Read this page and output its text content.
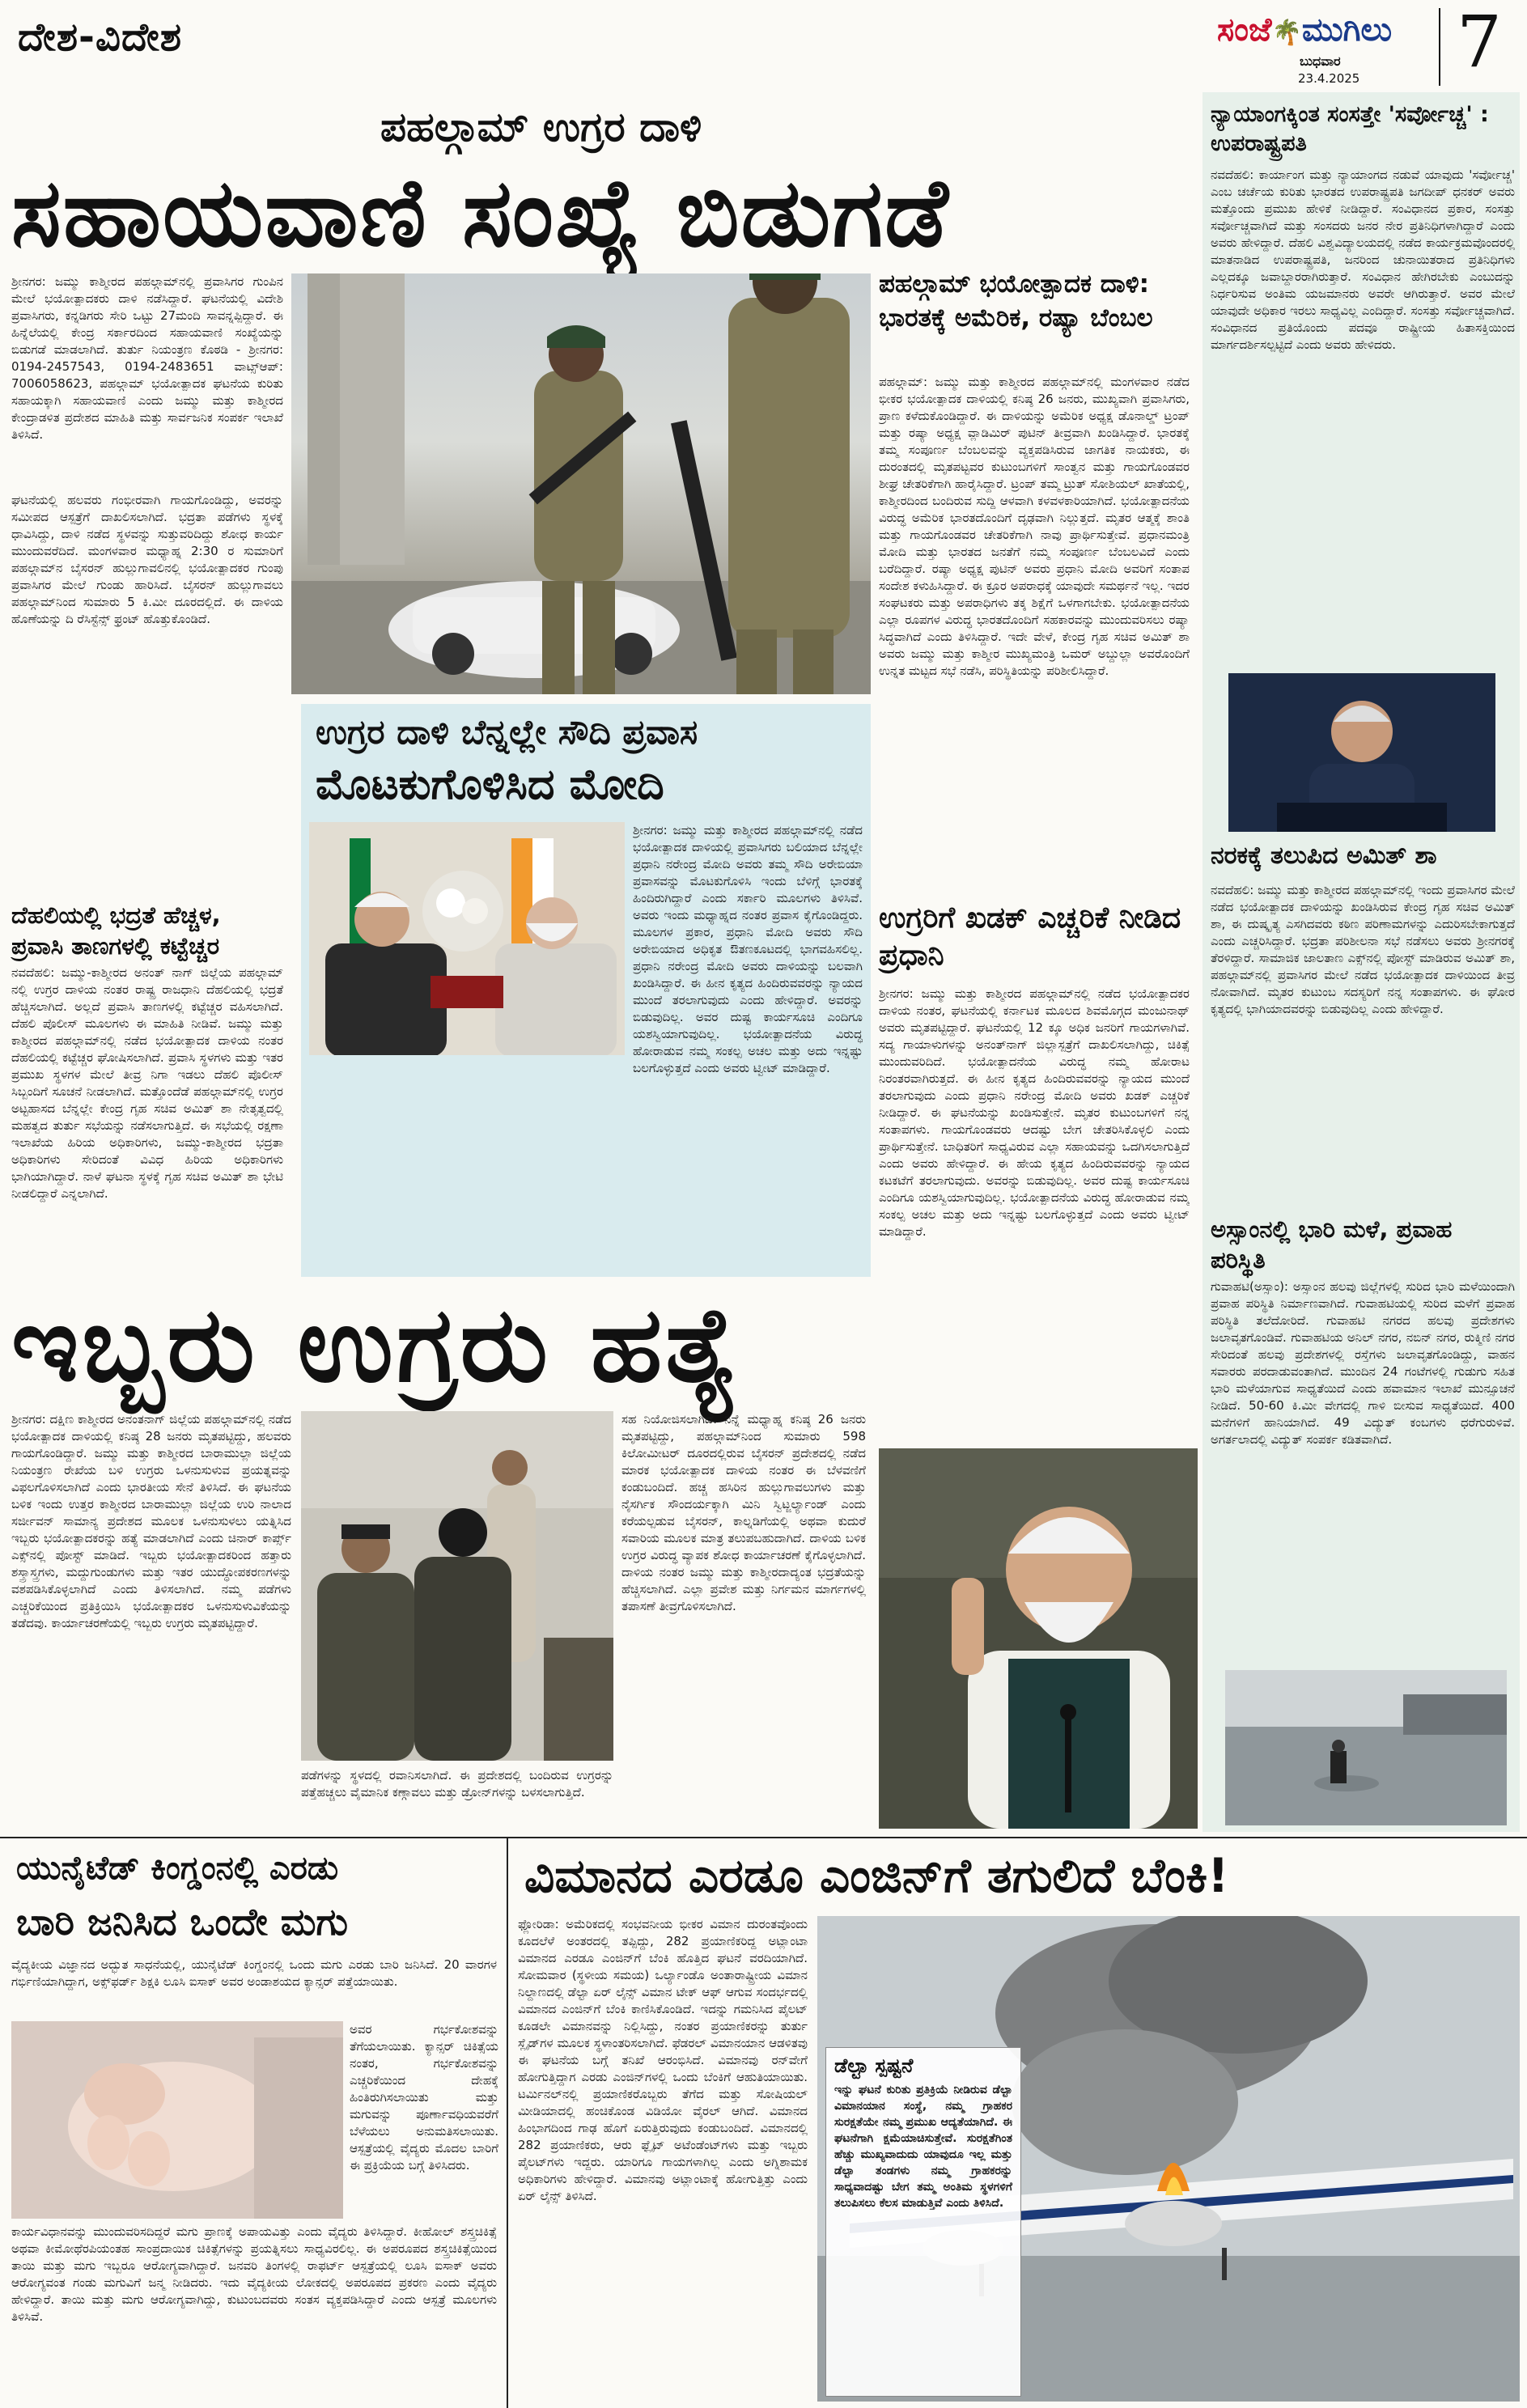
ದೇಶ-ವಿದೇಶ	ಸಂಜೆ🌴ಮುಗಿಲು
ಬುಧವಾರ
23.4.2025 7
ಪಹಲ್ಗಾಮ್ ಉಗ್ರರ ದಾಳಿ
ಸಹಾಯವಾಣಿ ಸಂಖ್ಯೆ ಬಿಡುಗಡೆ
ಶ್ರೀನಗರ: ಜಮ್ಮು ಕಾಶ್ಮೀರದ ಪಹಲ್ಗಾಮ್‌ನಲ್ಲಿ ಪ್ರವಾಸಿಗರ ಗುಂಪಿನ ಮೇಲೆ ಭಯೋತ್ಪಾದಕರು ದಾಳಿ ನಡೆಸಿದ್ದಾರೆ. ಘಟನೆಯಲ್ಲಿ ವಿದೇಶಿ ಪ್ರವಾಸಿಗರು, ಕನ್ನಡಿಗರು ಸೇರಿ ಒಟ್ಟು 27ಮಂದಿ ಸಾವನ್ನಪ್ಪಿದ್ದಾರೆ. ಈ ಹಿನ್ನೆಲೆಯಲ್ಲಿ ಕೇಂದ್ರ ಸರ್ಕಾರದಿಂದ ಸಹಾಯವಾಣಿ ಸಂಖ್ಯೆಯನ್ನು ಬಿಡುಗಡೆ ಮಾಡಲಾಗಿದೆ. ತುರ್ತು ನಿಯಂತ್ರಣ ಕೊಠಡಿ - ಶ್ರೀನಗರ: 0194-2457543, 0194-2483651 ವಾಟ್ಸ್‌ಆಪ್: 7006058623, ಪಹಲ್ಗಾಮ್ ಭಯೋತ್ಪಾದಕ ಘಟನೆಯ ಕುರಿತು ಸಹಾಯಕ್ಕಾಗಿ ಸಹಾಯವಾಣಿ ಎಂದು ಜಮ್ಮು ಮತ್ತು ಕಾಶ್ಮೀರದ ಕೇಂದ್ರಾಡಳಿತ ಪ್ರದೇಶದ ಮಾಹಿತಿ ಮತ್ತು ಸಾರ್ವಜನಿಕ ಸಂಪರ್ಕ ಇಲಾಖೆ ತಿಳಿಸಿದೆ.
ಘಟನೆಯಲ್ಲಿ ಹಲವರು ಗಂಭೀರವಾಗಿ ಗಾಯಗೊಂಡಿದ್ದು, ಅವರನ್ನು ಸಮೀಪದ ಆಸ್ಪತ್ರೆಗೆ ದಾಖಲಿಸಲಾಗಿದೆ. ಭದ್ರತಾ ಪಡೆಗಳು ಸ್ಥಳಕ್ಕೆ ಧಾವಿಸಿದ್ದು, ದಾಳಿ ನಡೆದ ಸ್ಥಳವನ್ನು ಸುತ್ತುವರಿದಿದ್ದು ಶೋಧ ಕಾರ್ಯ ಮುಂದುವರೆದಿದೆ. ಮಂಗಳವಾರ ಮಧ್ಯಾಹ್ನ 2:30 ರ ಸುಮಾರಿಗೆ ಪಹಲ್ಗಾಮ್‌ನ ಬೈಸರನ್ ಹುಲ್ಲುಗಾವಲಿನಲ್ಲಿ ಭಯೋತ್ಪಾದಕರ ಗುಂಪು ಪ್ರವಾಸಿಗರ ಮೇಲೆ ಗುಂಡು ಹಾರಿಸಿದೆ. ಬೈಸರನ್ ಹುಲ್ಲುಗಾವಲು ಪಹಲ್ಗಾಮ್‌ನಿಂದ ಸುಮಾರು 5 ಕಿ.ಮೀ ದೂರದಲ್ಲಿದೆ. ಈ ದಾಳಿಯ ಹೊಣೆಯನ್ನು ದಿ ರೆಸಿಸ್ಟೆನ್ಸ್ ಫ್ರಂಟ್ ಹೊತ್ತುಕೊಂಡಿದೆ.
ದೆಹಲಿಯಲ್ಲಿ ಭದ್ರತೆ ಹೆಚ್ಚಳ, ಪ್ರವಾಸಿ ತಾಣಗಳಲ್ಲಿ ಕಟ್ಟೆಚ್ಚರ
ನವದೆಹಲಿ: ಜಮ್ಮು-ಕಾಶ್ಮೀರದ ಅನಂತ್ ನಾಗ್ ಜಿಲ್ಲೆಯ ಪಹಲ್ಗಾಮ್ ನಲ್ಲಿ ಉಗ್ರರ ದಾಳಿಯ ನಂತರ ರಾಷ್ಟ್ರ ರಾಜಧಾನಿ ದೆಹಲಿಯಲ್ಲಿ ಭದ್ರತೆ ಹೆಚ್ಚಿಸಲಾಗಿದೆ. ಅಲ್ಲದೆ ಪ್ರವಾಸಿ ತಾಣಗಳಲ್ಲಿ ಕಟ್ಟೆಚ್ಚರ ವಹಿಸಲಾಗಿದೆ. ದೆಹಲಿ ಪೊಲೀಸ್ ಮೂಲಗಳು ಈ ಮಾಹಿತಿ ನೀಡಿವೆ. ಜಮ್ಮು ಮತ್ತು ಕಾಶ್ಮೀರದ ಪಹಲ್ಗಾಮ್‌ನಲ್ಲಿ ನಡೆದ ಭಯೋತ್ಪಾದಕ ದಾಳಿಯ ನಂತರ ದೆಹಲಿಯಲ್ಲಿ ಕಟ್ಟೆಚ್ಚರ ಘೋಷಿಸಲಾಗಿದೆ. ಪ್ರವಾಸಿ ಸ್ಥಳಗಳು ಮತ್ತು ಇತರ ಪ್ರಮುಖ ಸ್ಥಳಗಳ ಮೇಲೆ ತೀವ್ರ ನಿಗಾ ಇಡಲು ದೆಹಲಿ ಪೊಲೀಸ್ ಸಿಬ್ಬಂದಿಗೆ ಸೂಚನೆ ನೀಡಲಾಗಿದೆ. ಮತ್ತೊಂದೆಡೆ ಪಹಲ್ಗಾಮ್‌ನಲ್ಲಿ ಉಗ್ರರ ಅಟ್ಟಹಾಸದ ಬೆನ್ನಲ್ಲೇ ಕೇಂದ್ರ ಗೃಹ ಸಚಿವ ಅಮಿತ್ ಶಾ ನೇತೃತ್ವದಲ್ಲಿ ಮಹತ್ವದ ತುರ್ತು ಸಭೆಯನ್ನು ನಡೆಸಲಾಗುತ್ತಿದೆ. ಈ ಸಭೆಯಲ್ಲಿ ರಕ್ಷಣಾ ಇಲಾಖೆಯ ಹಿರಿಯ ಅಧಿಕಾರಿಗಳು, ಜಮ್ಮು-ಕಾಶ್ಮೀರದ ಭದ್ರತಾ ಅಧಿಕಾರಿಗಳು ಸೇರಿದಂತೆ ವಿವಿಧ ಹಿರಿಯ ಅಧಿಕಾರಿಗಳು ಭಾಗಿಯಾಗಿದ್ದಾರೆ. ನಾಳೆ ಘಟನಾ ಸ್ಥಳಕ್ಕೆ ಗೃಹ ಸಚಿವ ಅಮಿತ್ ಶಾ ಭೇಟಿ ನೀಡಲಿದ್ದಾರೆ ಎನ್ನಲಾಗಿದೆ.
ಉಗ್ರರ ದಾಳಿ ಬೆನ್ನಲ್ಲೇ ಸೌದಿ ಪ್ರವಾಸ
ಮೊಟಕುಗೊಳಿಸಿದ ಮೋದಿ
ಶ್ರೀನಗರ: ಜಮ್ಮು ಮತ್ತು ಕಾಶ್ಮೀರದ ಪಹಲ್ಗಾಮ್‌ನಲ್ಲಿ ನಡೆದ ಭಯೋತ್ಪಾದಕ ದಾಳಿಯಲ್ಲಿ ಪ್ರವಾಸಿಗರು ಬಲಿಯಾದ ಬೆನ್ನಲ್ಲೇ ಪ್ರಧಾನಿ ನರೇಂದ್ರ ಮೋದಿ ಅವರು ತಮ್ಮ ಸೌದಿ ಅರೇಬಿಯಾ ಪ್ರವಾಸವನ್ನು ಮೊಟಕುಗೊಳಿಸಿ ಇಂದು ಬೆಳಿಗ್ಗೆ ಭಾರತಕ್ಕೆ ಹಿಂದಿರುಗಿದ್ದಾರೆ ಎಂದು ಸರ್ಕಾರಿ ಮೂಲಗಳು ತಿಳಿಸಿವೆ. ಅವರು ಇಂದು ಮಧ್ಯಾಹ್ನದ ನಂತರ ಪ್ರವಾಸ ಕೈಗೊಂಡಿದ್ದರು. ಮೂಲಗಳ ಪ್ರಕಾರ, ಪ್ರಧಾನಿ ಮೋದಿ ಅವರು ಸೌದಿ ಅರೇಬಿಯಾದ ಅಧಿಕೃತ ಔತಣಕೂಟದಲ್ಲಿ ಭಾಗವಹಿಸಲಿಲ್ಲ. ಪ್ರಧಾನಿ ನರೇಂದ್ರ ಮೋದಿ ಅವರು ದಾಳಿಯನ್ನು ಬಲವಾಗಿ ಖಂಡಿಸಿದ್ದಾರೆ. ಈ ಹೀನ ಕೃತ್ಯದ ಹಿಂದಿರುವವರನ್ನು ನ್ಯಾಯದ ಮುಂದೆ ತರಲಾಗುವುದು ಎಂದು ಹೇಳಿದ್ದಾರೆ. ಅವರನ್ನು ಬಿಡುವುದಿಲ್ಲ. ಅವರ ದುಷ್ಟ ಕಾರ್ಯಸೂಚಿ ಎಂದಿಗೂ ಯಶಸ್ವಿಯಾಗುವುದಿಲ್ಲ. ಭಯೋತ್ಪಾದನೆಯ ವಿರುದ್ಧ ಹೋರಾಡುವ ನಮ್ಮ ಸಂಕಲ್ಪ ಅಚಲ ಮತ್ತು ಅದು ಇನ್ನಷ್ಟು ಬಲಗೊಳ್ಳುತ್ತದೆ ಎಂದು ಅವರು ಟ್ವೀಟ್ ಮಾಡಿದ್ದಾರೆ.
ಪಹಲ್ಗಾಮ್ ಭಯೋತ್ಪಾದಕ ದಾಳಿ: ಭಾರತಕ್ಕೆ ಅಮೆರಿಕ, ರಷ್ಯಾ ಬೆಂಬಲ
ಪಹಲ್ಗಾಮ್: ಜಮ್ಮು ಮತ್ತು ಕಾಶ್ಮೀರದ ಪಹಲ್ಗಾಮ್‌ನಲ್ಲಿ ಮಂಗಳವಾರ ನಡೆದ ಭೀಕರ ಭಯೋತ್ಪಾದಕ ದಾಳಿಯಲ್ಲಿ ಕನಿಷ್ಠ 26 ಜನರು, ಮುಖ್ಯವಾಗಿ ಪ್ರವಾಸಿಗರು, ಪ್ರಾಣ ಕಳೆದುಕೊಂಡಿದ್ದಾರೆ. ಈ ದಾಳಿಯನ್ನು ಅಮೆರಿಕ ಅಧ್ಯಕ್ಷ ಡೊನಾಲ್ಡ್ ಟ್ರಂಪ್ ಮತ್ತು ರಷ್ಯಾ ಅಧ್ಯಕ್ಷ ವ್ಲಾಡಿಮಿರ್ ಪುಟಿನ್ ತೀವ್ರವಾಗಿ ಖಂಡಿಸಿದ್ದಾರೆ. ಭಾರತಕ್ಕೆ ತಮ್ಮ ಸಂಪೂರ್ಣ ಬೆಂಬಲವನ್ನು ವ್ಯಕ್ತಪಡಿಸಿರುವ ಜಾಗತಿಕ ನಾಯಕರು, ಈ ದುರಂತದಲ್ಲಿ ಮೃತಪಟ್ಟವರ ಕುಟುಂಬಗಳಿಗೆ ಸಾಂತ್ವನ ಮತ್ತು ಗಾಯಗೊಂಡವರ ಶೀಘ್ರ ಚೇತರಿಕೆಗಾಗಿ ಹಾರೈಸಿದ್ದಾರೆ. ಟ್ರಂಪ್ ತಮ್ಮ ಟ್ರುತ್ ಸೋಶಿಯಲ್ ಖಾತೆಯಲ್ಲಿ, ಕಾಶ್ಮೀರದಿಂದ ಬಂದಿರುವ ಸುದ್ದಿ ಆಳವಾಗಿ ಕಳವಳಕಾರಿಯಾಗಿದೆ. ಭಯೋತ್ಪಾದನೆಯ ವಿರುದ್ಧ ಅಮೆರಿಕ ಭಾರತದೊಂದಿಗೆ ದೃಢವಾಗಿ ನಿಲ್ಲುತ್ತದೆ. ಮೃತರ ಆತ್ಮಕ್ಕೆ ಶಾಂತಿ ಮತ್ತು ಗಾಯಗೊಂಡವರ ಚೇತರಿಕೆಗಾಗಿ ನಾವು ಪ್ರಾರ್ಥಿಸುತ್ತೇವೆ. ಪ್ರಧಾನಮಂತ್ರಿ ಮೋದಿ ಮತ್ತು ಭಾರತದ ಜನತೆಗೆ ನಮ್ಮ ಸಂಪೂರ್ಣ ಬೆಂಬಲವಿದೆ ಎಂದು ಬರೆದಿದ್ದಾರೆ. ರಷ್ಯಾ ಅಧ್ಯಕ್ಷ ಪುಟಿನ್ ಅವರು ಪ್ರಧಾನಿ ಮೋದಿ ಅವರಿಗೆ ಸಂತಾಪ ಸಂದೇಶ ಕಳುಹಿಸಿದ್ದಾರೆ. ಈ ಕ್ರೂರ ಅಪರಾಧಕ್ಕೆ ಯಾವುದೇ ಸಮರ್ಥನೆ ಇಲ್ಲ. ಇದರ ಸಂಘಟಕರು ಮತ್ತು ಅಪರಾಧಿಗಳು ತಕ್ಕ ಶಿಕ್ಷೆಗೆ ಒಳಗಾಗಬೇಕು. ಭಯೋತ್ಪಾದನೆಯ ಎಲ್ಲಾ ರೂಪಗಳ ವಿರುದ್ಧ ಭಾರತದೊಂದಿಗೆ ಸಹಕಾರವನ್ನು ಮುಂದುವರಿಸಲು ರಷ್ಯಾ ಸಿದ್ಧವಾಗಿದೆ ಎಂದು ತಿಳಿಸಿದ್ದಾರೆ. ಇದೇ ವೇಳೆ, ಕೇಂದ್ರ ಗೃಹ ಸಚಿವ ಅಮಿತ್ ಶಾ ಅವರು ಜಮ್ಮು ಮತ್ತು ಕಾಶ್ಮೀರ ಮುಖ್ಯಮಂತ್ರಿ ಒಮರ್ ಅಬ್ದುಲ್ಲಾ ಅವರೊಂದಿಗೆ ಉನ್ನತ ಮಟ್ಟದ ಸಭೆ ನಡೆಸಿ, ಪರಿಸ್ಥಿತಿಯನ್ನು ಪರಿಶೀಲಿಸಿದ್ದಾರೆ.
ಉಗ್ರರಿಗೆ ಖಡಕ್ ಎಚ್ಚರಿಕೆ ನೀಡಿದ ಪ್ರಧಾನಿ
ಶ್ರೀನಗರ: ಜಮ್ಮು ಮತ್ತು ಕಾಶ್ಮೀರದ ಪಹಲ್ಗಾಮ್‌ನಲ್ಲಿ ನಡೆದ ಭಯೋತ್ಪಾದಕರ ದಾಳಿಯ ನಂತರ, ಘಟನೆಯಲ್ಲಿ ಕರ್ನಾಟಕ ಮೂಲದ ಶಿವಮೊಗ್ಗದ ಮಂಜುನಾಥ್ ಅವರು ಮೃತಪಟ್ಟಿದ್ದಾರೆ. ಘಟನೆಯಲ್ಲಿ 12 ಕ್ಕೂ ಅಧಿಕ ಜನರಿಗೆ ಗಾಯಗಳಾಗಿವೆ. ಸದ್ಯ ಗಾಯಾಳುಗಳನ್ನು ಅನಂತ್‌ನಾಗ್ ಜಿಲ್ಲಾಸ್ಪತ್ರೆಗೆ ದಾಖಲಿಸಲಾಗಿದ್ದು, ಚಿಕಿತ್ಸೆ ಮುಂದುವರಿದಿದೆ. ಭಯೋತ್ಪಾದನೆಯ ವಿರುದ್ಧ ನಮ್ಮ ಹೋರಾಟ ನಿರಂತರವಾಗಿರುತ್ತದೆ. ಈ ಹೀನ ಕೃತ್ಯದ ಹಿಂದಿರುವವರನ್ನು ನ್ಯಾಯದ ಮುಂದೆ ತರಲಾಗುವುದು ಎಂದು ಪ್ರಧಾನಿ ನರೇಂದ್ರ ಮೋದಿ ಅವರು ಖಡಕ್ ಎಚ್ಚರಿಕೆ ನೀಡಿದ್ದಾರೆ. ಈ ಘಟನೆಯನ್ನು ಖಂಡಿಸುತ್ತೇನೆ. ಮೃತರ ಕುಟುಂಬಗಳಿಗೆ ನನ್ನ ಸಂತಾಪಗಳು. ಗಾಯಗೊಂಡವರು ಆದಷ್ಟು ಬೇಗ ಚೇತರಿಸಿಕೊಳ್ಳಲಿ ಎಂದು ಪ್ರಾರ್ಥಿಸುತ್ತೇನೆ. ಬಾಧಿತರಿಗೆ ಸಾಧ್ಯವಿರುವ ಎಲ್ಲಾ ಸಹಾಯವನ್ನು ಒದಗಿಸಲಾಗುತ್ತಿದೆ ಎಂದು ಅವರು ಹೇಳಿದ್ದಾರೆ. ಈ ಹೇಯ ಕೃತ್ಯದ ಹಿಂದಿರುವವರನ್ನು ನ್ಯಾಯದ ಕಟಕಟೆಗೆ ತರಲಾಗುವುದು. ಅವರನ್ನು ಬಿಡುವುದಿಲ್ಲ. ಅವರ ದುಷ್ಟ ಕಾರ್ಯಸೂಚಿ ಎಂದಿಗೂ ಯಶಸ್ವಿಯಾಗುವುದಿಲ್ಲ. ಭಯೋತ್ಪಾದನೆಯ ವಿರುದ್ಧ ಹೋರಾಡುವ ನಮ್ಮ ಸಂಕಲ್ಪ ಅಚಲ ಮತ್ತು ಅದು ಇನ್ನಷ್ಟು ಬಲಗೊಳ್ಳುತ್ತದೆ ಎಂದು ಅವರು ಟ್ವೀಟ್ ಮಾಡಿದ್ದಾರೆ.
ನ್ಯಾಯಾಂಗಕ್ಕಿಂತ ಸಂಸತ್ತೇ 'ಸರ್ವೋಚ್ಚ' : ಉಪರಾಷ್ಟ್ರಪತಿ
ನವದೆಹಲಿ: ಕಾರ್ಯಾಂಗ ಮತ್ತು ನ್ಯಾಯಾಂಗದ ನಡುವೆ ಯಾವುದು 'ಸರ್ವೋಚ್ಚ' ಎಂಬ ಚರ್ಚೆಯ ಕುರಿತು ಭಾರತದ ಉಪರಾಷ್ಟ್ರಪತಿ ಜಗದೀಪ್ ಧನಕರ್ ಅವರು ಮತ್ತೊಂದು ಪ್ರಮುಖ ಹೇಳಿಕೆ ನೀಡಿದ್ದಾರೆ. ಸಂವಿಧಾನದ ಪ್ರಕಾರ, ಸಂಸತ್ತು ಸರ್ವೋಚ್ಚವಾಗಿದೆ ಮತ್ತು ಸಂಸದರು ಜನರ ನೇರ ಪ್ರತಿನಿಧಿಗಳಾಗಿದ್ದಾರೆ ಎಂದು ಅವರು ಹೇಳಿದ್ದಾರೆ. ದೆಹಲಿ ವಿಶ್ವವಿದ್ಯಾಲಯದಲ್ಲಿ ನಡೆದ ಕಾರ್ಯಕ್ರಮವೊಂದರಲ್ಲಿ ಮಾತನಾಡಿದ ಉಪರಾಷ್ಟ್ರಪತಿ, ಜನರಿಂದ ಚುನಾಯಿತರಾದ ಪ್ರತಿನಿಧಿಗಳು ಎಲ್ಲದಕ್ಕೂ ಜವಾಬ್ದಾರರಾಗಿರುತ್ತಾರೆ. ಸಂವಿಧಾನ ಹೇಗಿರಬೇಕು ಎಂಬುದನ್ನು ನಿರ್ಧರಿಸುವ ಅಂತಿಮ ಯಜಮಾನರು ಅವರೇ ಆಗಿರುತ್ತಾರೆ. ಅವರ ಮೇಲೆ ಯಾವುದೇ ಅಧಿಕಾರ ಇರಲು ಸಾಧ್ಯವಿಲ್ಲ ಎಂದಿದ್ದಾರೆ. ಸಂಸತ್ತು ಸರ್ವೋಚ್ಚವಾಗಿದೆ. ಸಂವಿಧಾನದ ಪ್ರತಿಯೊಂದು ಪದವೂ ರಾಷ್ಟ್ರೀಯ ಹಿತಾಸಕ್ತಿಯಿಂದ ಮಾರ್ಗದರ್ಶಿಸಲ್ಪಟ್ಟಿದೆ ಎಂದು ಅವರು ಹೇಳಿದರು.
ನರಕಕ್ಕೆ ತಲುಪಿದ ಅಮಿತ್ ಶಾ
ನವದೆಹಲಿ: ಜಮ್ಮು ಮತ್ತು ಕಾಶ್ಮೀರದ ಪಹಲ್ಗಾಮ್‌ನಲ್ಲಿ ಇಂದು ಪ್ರವಾಸಿಗರ ಮೇಲೆ ನಡೆದ ಭಯೋತ್ಪಾದಕ ದಾಳಿಯನ್ನು ಖಂಡಿಸಿರುವ ಕೇಂದ್ರ ಗೃಹ ಸಚಿವ ಅಮಿತ್ ಶಾ, ಈ ದುಷ್ಕೃತ್ಯ ಎಸಗಿದವರು ಕಠಿಣ ಪರಿಣಾಮಗಳನ್ನು ಎದುರಿಸಬೇಕಾಗುತ್ತದೆ ಎಂದು ಎಚ್ಚರಿಸಿದ್ದಾರೆ. ಭದ್ರತಾ ಪರಿಶೀಲನಾ ಸಭೆ ನಡೆಸಲು ಅವರು ಶ್ರೀನಗರಕ್ಕೆ ತೆರಳಿದ್ದಾರೆ. ಸಾಮಾಜಿಕ ಜಾಲತಾಣ ಎಕ್ಸ್‌ನಲ್ಲಿ ಪೋಸ್ಟ್ ಮಾಡಿರುವ ಅಮಿತ್ ಶಾ, ಪಹಲ್ಗಾಮ್‌ನಲ್ಲಿ ಪ್ರವಾಸಿಗರ ಮೇಲೆ ನಡೆದ ಭಯೋತ್ಪಾದಕ ದಾಳಿಯಿಂದ ತೀವ್ರ ನೋವಾಗಿದೆ. ಮೃತರ ಕುಟುಂಬ ಸದಸ್ಯರಿಗೆ ನನ್ನ ಸಂತಾಪಗಳು. ಈ ಘೋರ ಕೃತ್ಯದಲ್ಲಿ ಭಾಗಿಯಾದವರನ್ನು ಬಿಡುವುದಿಲ್ಲ ಎಂದು ಹೇಳಿದ್ದಾರೆ.
ಅಸ್ಸಾಂನಲ್ಲಿ ಭಾರಿ ಮಳೆ, ಪ್ರವಾಹ ಪರಿಸ್ಥಿತಿ
ಗುವಾಹಟಿ(ಅಸ್ಸಾಂ): ಅಸ್ಸಾಂನ ಹಲವು ಜಿಲ್ಲೆಗಳಲ್ಲಿ ಸುರಿದ ಭಾರಿ ಮಳೆಯಿಂದಾಗಿ ಪ್ರವಾಹ ಪರಿಸ್ಥಿತಿ ನಿರ್ಮಾಣವಾಗಿದೆ. ಗುವಾಹಟಿಯಲ್ಲಿ ಸುರಿದ ಮಳೆಗೆ ಪ್ರವಾಹ ಪರಿಸ್ಥಿತಿ ತಲೆದೋರಿದೆ. ಗುವಾಹಟಿ ನಗರದ ಹಲವು ಪ್ರದೇಶಗಳು ಜಲಾವೃತಗೊಂಡಿವೆ. ಗುವಾಹಟಿಯ ಅನಿಲ್ ನಗರ, ನಬಿನ್ ನಗರ, ರುಕ್ಮಿಣಿ ನಗರ ಸೇರಿದಂತೆ ಹಲವು ಪ್ರದೇಶಗಳಲ್ಲಿ ರಸ್ತೆಗಳು ಜಲಾವೃತಗೊಂಡಿದ್ದು, ವಾಹನ ಸವಾರರು ಪರದಾಡುವಂತಾಗಿದೆ. ಮುಂದಿನ 24 ಗಂಟೆಗಳಲ್ಲಿ ಗುಡುಗು ಸಹಿತ ಭಾರಿ ಮಳೆಯಾಗುವ ಸಾಧ್ಯತೆಯಿದೆ ಎಂದು ಹವಾಮಾನ ಇಲಾಖೆ ಮುನ್ಸೂಚನೆ ನೀಡಿದೆ. 50-60 ಕಿ.ಮೀ ವೇಗದಲ್ಲಿ ಗಾಳಿ ಬೀಸುವ ಸಾಧ್ಯತೆಯಿದೆ. 400 ಮನೆಗಳಿಗೆ ಹಾನಿಯಾಗಿದೆ. 49 ವಿದ್ಯುತ್ ಕಂಬಗಳು ಧರೆಗುರುಳಿವೆ. ಅಗರ್ತಲಾದಲ್ಲಿ ವಿದ್ಯುತ್ ಸಂಪರ್ಕ ಕಡಿತವಾಗಿದೆ.
ಇಬ್ಬರು ಉಗ್ರರು ಹತ್ಯೆ
ಶ್ರೀನಗರ: ದಕ್ಷಿಣ ಕಾಶ್ಮೀರದ ಅನಂತನಾಗ್ ಜಿಲ್ಲೆಯ ಪಹಲ್ಗಾಮ್‌ನಲ್ಲಿ ನಡೆದ ಭಯೋತ್ಪಾದಕ ದಾಳಿಯಲ್ಲಿ ಕನಿಷ್ಠ 28 ಜನರು ಮೃತಪಟ್ಟಿದ್ದು, ಹಲವರು ಗಾಯಗೊಂಡಿದ್ದಾರೆ. ಜಮ್ಮು ಮತ್ತು ಕಾಶ್ಮೀರದ ಬಾರಾಮುಲ್ಲಾ ಜಿಲ್ಲೆಯ ನಿಯಂತ್ರಣ ರೇಖೆಯ ಬಳಿ ಉಗ್ರರು ಒಳನುಸುಳುವ ಪ್ರಯತ್ನವನ್ನು ವಿಫಲಗೊಳಿಸಲಾಗಿದೆ ಎಂದು ಭಾರತೀಯ ಸೇನೆ ತಿಳಿಸಿದೆ. ಈ ಘಟನೆಯ ಬಳಿಕ ಇಂದು ಉತ್ತರ ಕಾಶ್ಮೀರದ ಬಾರಾಮುಲ್ಲಾ ಜಿಲ್ಲೆಯ ಉರಿ ನಾಲಾದ ಸರ್ಜೀವನ್ ಸಾಮಾನ್ಯ ಪ್ರದೇಶದ ಮೂಲಕ ಒಳನುಸುಳಲು ಯತ್ನಿಸಿದ ಇಬ್ಬರು ಭಯೋತ್ಪಾದಕರನ್ನು ಹತ್ಯೆ ಮಾಡಲಾಗಿದೆ ಎಂದು ಚಿನಾರ್ ಕಾರ್ಪ್ಸ್ ಎಕ್ಸ್‌ನಲ್ಲಿ ಪೋಸ್ಟ್ ಮಾಡಿದೆ. ಇಬ್ಬರು ಭಯೋತ್ಪಾದಕರಿಂದ ಹತ್ತಾರು ಶಸ್ತ್ರಾಸ್ತ್ರಗಳು, ಮದ್ದುಗುಂಡುಗಳು ಮತ್ತು ಇತರ ಯುದ್ಧೋಪಕರಣಗಳನ್ನು ವಶಪಡಿಸಿಕೊಳ್ಳಲಾಗಿದೆ ಎಂದು ತಿಳಿಸಲಾಗಿದೆ. ನಮ್ಮ ಪಡೆಗಳು ಎಚ್ಚರಿಕೆಯಿಂದ ಪ್ರತಿಕ್ರಿಯಿಸಿ ಭಯೋತ್ಪಾದಕರ ಒಳನುಸುಳುವಿಕೆಯನ್ನು ತಡೆದವು. ಕಾರ್ಯಾಚರಣೆಯಲ್ಲಿ ಇಬ್ಬರು ಉಗ್ರರು ಮೃತಪಟ್ಟಿದ್ದಾರೆ.
ಪಡೆಗಳನ್ನು ಸ್ಥಳದಲ್ಲಿ ರವಾನಿಸಲಾಗಿದೆ. ಈ ಪ್ರದೇಶದಲ್ಲಿ ಬಂದಿರುವ ಉಗ್ರರನ್ನು ಪತ್ತೆಹಚ್ಚಲು ವೈಮಾನಿಕ ಕಣ್ಗಾವಲು ಮತ್ತು ಡ್ರೋನ್‌ಗಳನ್ನು ಬಳಸಲಾಗುತ್ತಿದೆ.
ಸಹ ನಿಯೋಜಿಸಲಾಗಿದೆ. ನಿನ್ನೆ ಮಧ್ಯಾಹ್ನ ಕನಿಷ್ಠ 26 ಜನರು ಮೃತಪಟ್ಟಿದ್ದು, ಪಹಲ್ಗಾಮ್‌ನಿಂದ ಸುಮಾರು 598 ಕಿಲೋಮೀಟರ್ ದೂರದಲ್ಲಿರುವ ಬೈಸರನ್ ಪ್ರದೇಶದಲ್ಲಿ ನಡೆದ ಮಾರಕ ಭಯೋತ್ಪಾದಕ ದಾಳಿಯ ನಂತರ ಈ ಬೆಳವಣಿಗೆ ಕಂಡುಬಂದಿದೆ. ಹಚ್ಚ ಹಸಿರಿನ ಹುಲ್ಲುಗಾವಲುಗಳು ಮತ್ತು ನೈಸರ್ಗಿಕ ಸೌಂದರ್ಯಕ್ಕಾಗಿ ಮಿನಿ ಸ್ವಿಟ್ಜರ್ಲ್ಯಾಂಡ್ ಎಂದು ಕರೆಯಲ್ಪಡುವ ಬೈಸರನ್, ಕಾಲ್ನಡಿಗೆಯಲ್ಲಿ ಅಥವಾ ಕುದುರೆ ಸವಾರಿಯ ಮೂಲಕ ಮಾತ್ರ ತಲುಪಬಹುದಾಗಿದೆ. ದಾಳಿಯ ಬಳಿಕ ಉಗ್ರರ ವಿರುದ್ಧ ವ್ಯಾಪಕ ಶೋಧ ಕಾರ್ಯಾಚರಣೆ ಕೈಗೊಳ್ಳಲಾಗಿದೆ. ದಾಳಿಯ ನಂತರ ಜಮ್ಮು ಮತ್ತು ಕಾಶ್ಮೀರದಾದ್ಯಂತ ಭದ್ರತೆಯನ್ನು ಹೆಚ್ಚಿಸಲಾಗಿದೆ. ಎಲ್ಲಾ ಪ್ರವೇಶ ಮತ್ತು ನಿರ್ಗಮನ ಮಾರ್ಗಗಳಲ್ಲಿ ತಪಾಸಣೆ ತೀವ್ರಗೊಳಿಸಲಾಗಿದೆ.
ಯುನೈಟೆಡ್ ಕಿಂಗ್ಡಂನಲ್ಲಿ ಎರಡು
ಬಾರಿ ಜನಿಸಿದ ಒಂದೇ ಮಗು
ವೈದ್ಯಕೀಯ ವಿಜ್ಞಾನದ ಅದ್ಭುತ ಸಾಧನೆಯಲ್ಲಿ, ಯುನೈಟೆಡ್ ಕಿಂಗ್ಡಂನಲ್ಲಿ ಒಂದು ಮಗು ಎರಡು ಬಾರಿ ಜನಿಸಿದೆ. 20 ವಾರಗಳ ಗರ್ಭಿಣಿಯಾಗಿದ್ದಾಗ, ಅಕ್ಸ್‌ಫರ್ಡ್ ಶಿಕ್ಷಕಿ ಲೂಸಿ ಐಸಾಕ್ ಅವರ ಅಂಡಾಶಯದ ಕ್ಯಾನ್ಸರ್ ಪತ್ತೆಯಾಯಿತು.
ಅವರ ಗರ್ಭಕೋಶವನ್ನು ತೆಗೆಯಲಾಯಿತು. ಕ್ಯಾನ್ಸರ್ ಚಿಕಿತ್ಸೆಯ ನಂತರ, ಗರ್ಭಕೋಶವನ್ನು ಎಚ್ಚರಿಕೆಯಿಂದ ದೇಹಕ್ಕೆ ಹಿಂತಿರುಗಿಸಲಾಯಿತು ಮತ್ತು ಮಗುವನ್ನು ಪೂರ್ಣಾವಧಿಯವರೆಗೆ ಬೆಳೆಯಲು ಅನುಮತಿಸಲಾಯಿತು. ಆಸ್ಪತ್ರೆಯಲ್ಲಿ ವೈದ್ಯರು ಮೊದಲ ಬಾರಿಗೆ ಈ ಪ್ರಕ್ರಿಯೆಯ ಬಗ್ಗೆ ತಿಳಿಸಿದರು.
ಕಾರ್ಯವಿಧಾನವನ್ನು ಮುಂದುವರಿಸದಿದ್ದರೆ ಮಗು ಪ್ರಾಣಕ್ಕೆ ಅಪಾಯವಿತ್ತು ಎಂದು ವೈದ್ಯರು ತಿಳಿಸಿದ್ದಾರೆ. ಕೀಹೋಲ್ ಶಸ್ತ್ರಚಿಕಿತ್ಸೆ ಅಥವಾ ಕೀಮೋಥೆರಪಿಯಂತಹ ಸಾಂಪ್ರದಾಯಿಕ ಚಿಕಿತ್ಸೆಗಳನ್ನು ಪ್ರಯತ್ನಿಸಲು ಸಾಧ್ಯವಿರಲಿಲ್ಲ. ಈ ಅಪರೂಪದ ಶಸ್ತ್ರಚಿಕಿತ್ಸೆಯಿಂದ ತಾಯಿ ಮತ್ತು ಮಗು ಇಬ್ಬರೂ ಆರೋಗ್ಯವಾಗಿದ್ದಾರೆ. ಜನವರಿ ತಿಂಗಳಲ್ಲಿ ರಾಫರ್ಟ್ ಆಸ್ಪತ್ರೆಯಲ್ಲಿ ಲೂಸಿ ಐಸಾಕ್ ಅವರು ಆರೋಗ್ಯವಂತ ಗಂಡು ಮಗುವಿಗೆ ಜನ್ಮ ನೀಡಿದರು. ಇದು ವೈದ್ಯಕೀಯ ಲೋಕದಲ್ಲಿ ಅಪರೂಪದ ಪ್ರಕರಣ ಎಂದು ವೈದ್ಯರು ಹೇಳಿದ್ದಾರೆ. ತಾಯಿ ಮತ್ತು ಮಗು ಆರೋಗ್ಯವಾಗಿದ್ದು, ಕುಟುಂಬದವರು ಸಂತಸ ವ್ಯಕ್ತಪಡಿಸಿದ್ದಾರೆ ಎಂದು ಆಸ್ಪತ್ರೆ ಮೂಲಗಳು ತಿಳಿಸಿವೆ.
ವಿಮಾನದ ಎರಡೂ ಎಂಜಿನ್‌ಗೆ ತಗುಲಿದೆ ಬೆಂಕಿ!
ಫ್ಲೋರಿಡಾ: ಅಮೆರಿಕದಲ್ಲಿ ಸಂಭವನೀಯ ಭೀಕರ ವಿಮಾನ ದುರಂತವೊಂದು ಕೂದಲೆಳೆ ಅಂತರದಲ್ಲಿ ತಪ್ಪಿದ್ದು, 282 ಪ್ರಯಾಣಿಕರಿದ್ದ ಅಟ್ಲಾಂಟಾ ವಿಮಾನದ ಎರಡೂ ಎಂಜಿನ್‌ಗೆ ಬೆಂಕಿ ಹೊತ್ತಿದ ಘಟನೆ ವರದಿಯಾಗಿದೆ. ಸೋಮವಾರ (ಸ್ಥಳೀಯ ಸಮಯ) ಒರ್ಲ್ಯಾಂಡೊ ಅಂತಾರಾಷ್ಟ್ರೀಯ ವಿಮಾನ ನಿಲ್ದಾಣದಲ್ಲಿ ಡೆಲ್ಟಾ ಏರ್ ಲೈನ್ಸ್ ವಿಮಾನ ಟೇಕ್ ಆಫ್ ಆಗುವ ಸಂದರ್ಭದಲ್ಲಿ ವಿಮಾನದ ಎಂಜಿನ್‌ಗೆ ಬೆಂಕಿ ಕಾಣಿಸಿಕೊಂಡಿದೆ. ಇದನ್ನು ಗಮನಿಸಿದ ಪೈಲಟ್ ಕೂಡಲೇ ವಿಮಾನವನ್ನು ನಿಲ್ಲಿಸಿದ್ದು, ನಂತರ ಪ್ರಯಾಣಿಕರನ್ನು ತುರ್ತು ಸ್ಲೈಡ್‌ಗಳ ಮೂಲಕ ಸ್ಥಳಾಂತರಿಸಲಾಗಿದೆ. ಫೆಡರಲ್ ವಿಮಾನಯಾನ ಆಡಳಿತವು ಈ ಘಟನೆಯ ಬಗ್ಗೆ ತನಿಖೆ ಆರಂಭಿಸಿದೆ. ವಿಮಾನವು ರನ್‌ವೇಗೆ ಹೋಗುತ್ತಿದ್ದಾಗ ಎರಡು ಎಂಜಿನ್‌ಗಳಲ್ಲಿ ಒಂದು ಬೆಂಕಿಗೆ ಆಹುತಿಯಾಯಿತು. ಟರ್ಮಿನಲ್‌ನಲ್ಲಿ ಪ್ರಯಾಣಿಕರೊಬ್ಬರು ತೆಗೆದ ಮತ್ತು ಸೋಷಿಯಲ್ ಮೀಡಿಯಾದಲ್ಲಿ ಹಂಚಿಕೊಂಡ ವಿಡಿಯೋ ವೈರಲ್ ಆಗಿದೆ. ವಿಮಾನದ ಹಿಂಭಾಗದಿಂದ ಗಾಢ ಹೊಗೆ ಏರುತ್ತಿರುವುದು ಕಂಡುಬಂದಿದೆ. ವಿಮಾನದಲ್ಲಿ 282 ಪ್ರಯಾಣಿಕರು, ಆರು ಫ್ಲೈಟ್ ಅಟೆಂಡೆಂಟ್‌ಗಳು ಮತ್ತು ಇಬ್ಬರು ಪೈಲಟ್‌ಗಳು ಇದ್ದರು. ಯಾರಿಗೂ ಗಾಯಗಳಾಗಿಲ್ಲ ಎಂದು ಅಗ್ನಿಶಾಮಕ ಅಧಿಕಾರಿಗಳು ಹೇಳಿದ್ದಾರೆ. ವಿಮಾನವು ಅಟ್ಲಾಂಟಾಕ್ಕೆ ಹೋಗುತ್ತಿತ್ತು ಎಂದು ಏರ್ ಲೈನ್ಸ್ ತಿಳಿಸಿದೆ.
ಡೆಲ್ಟಾ ಸ್ಪಷ್ಟನೆ
ಇನ್ನು ಘಟನೆ ಕುರಿತು ಪ್ರತಿಕ್ರಿಯೆ ನೀಡಿರುವ ಡೆಲ್ಟಾ ವಿಮಾನಯಾನ ಸಂಸ್ಥೆ, ನಮ್ಮ ಗ್ರಾಹಕರ ಸುರಕ್ಷತೆಯೇ ನಮ್ಮ ಪ್ರಮುಖ ಆದ್ಯತೆಯಾಗಿದೆ. ಈ ಘಟನೆಗಾಗಿ ಕ್ಷಮೆಯಾಚಿಸುತ್ತೇವೆ. ಸುರಕ್ಷತೆಗಿಂತ ಹೆಚ್ಚು ಮುಖ್ಯವಾದುದು ಯಾವುದೂ ಇಲ್ಲ ಮತ್ತು ಡೆಲ್ಟಾ ತಂಡಗಳು ನಮ್ಮ ಗ್ರಾಹಕರನ್ನು ಸಾಧ್ಯವಾದಷ್ಟು ಬೇಗ ತಮ್ಮ ಅಂತಿಮ ಸ್ಥಳಗಳಿಗೆ ತಲುಪಿಸಲು ಕೆಲಸ ಮಾಡುತ್ತಿವೆ ಎಂದು ತಿಳಿಸಿದೆ.
